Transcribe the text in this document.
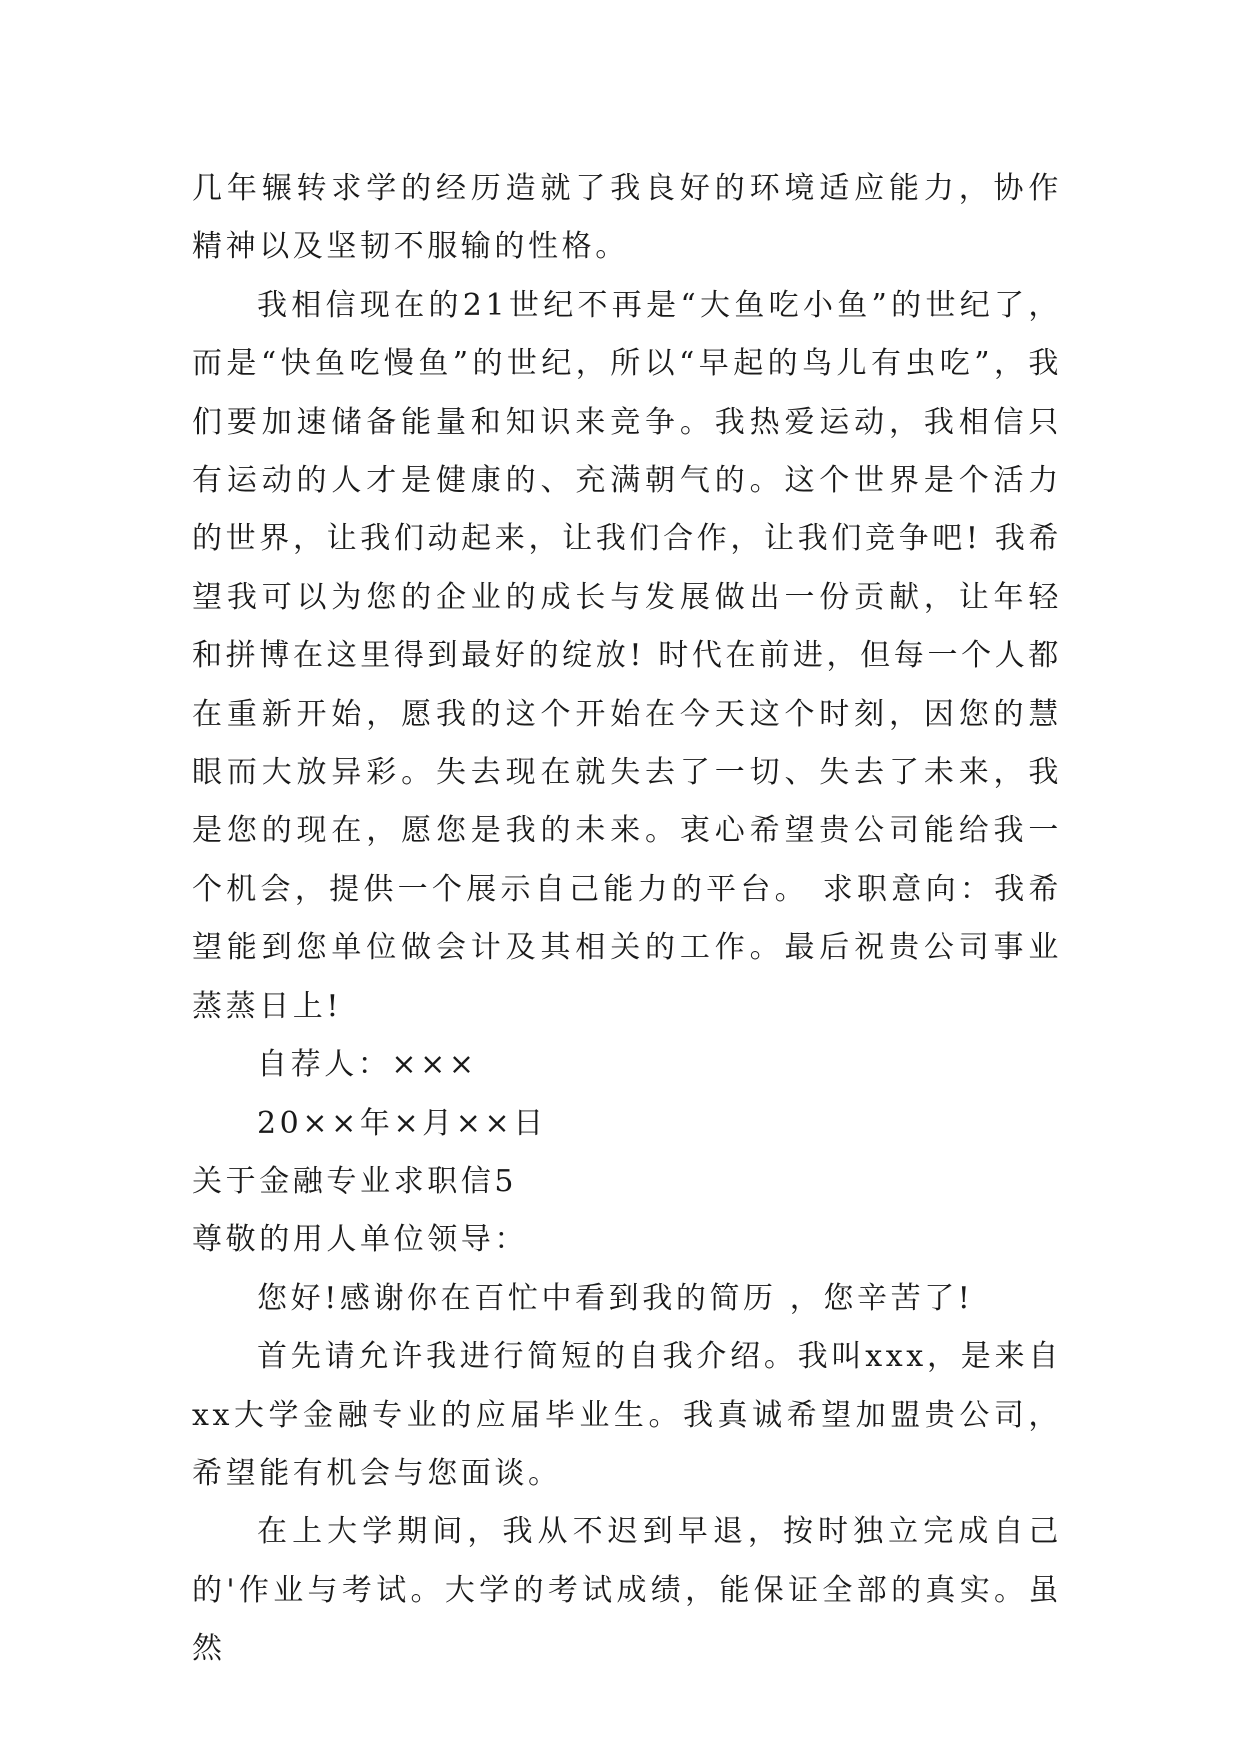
几年辗转求学的经历造就了我良好的环境适应能力，协作精神以及坚韧不服输的性格。

我相信现在的21世纪不再是“大鱼吃小鱼”的世纪了，而是“快鱼吃慢鱼”的世纪，所以“早起的鸟儿有虫吃”，我们要加速储备能量和知识来竞争。我热爱运动，我相信只有运动的人才是健康的、充满朝气的。这个世界是个活力的世界，让我们动起来，让我们合作，让我们竞争吧! 我希望我可以为您的企业的成长与发展做出一份贡献，让年轻和拼博在这里得到最好的绽放! 时代在前进，但每一个人都在重新开始，愿我的这个开始在今天这个时刻，因您的慧眼而大放异彩。失去现在就失去了一切、失去了未来，我是您的现在，愿您是我的未来。衷心希望贵公司能给我一个机会，提供一个展示自己能力的平台。 求职意向：我希望能到您单位做会计及其相关的工作。最后祝贵公司事业蒸蒸日上!

自荐人：×××

20××年×月××日

关于金融专业求职信5

尊敬的用人单位领导：

您好!感谢你在百忙中看到我的简历 ，您辛苦了!

首先请允许我进行简短的自我介绍。我叫xxx，是来自xx大学金融专业的应届毕业生。我真诚希望加盟贵公司，希望能有机会与您面谈。

在上大学期间，我从不迟到早退，按时独立完成自己的'作业与考试。大学的考试成绩，能保证全部的真实。虽然
